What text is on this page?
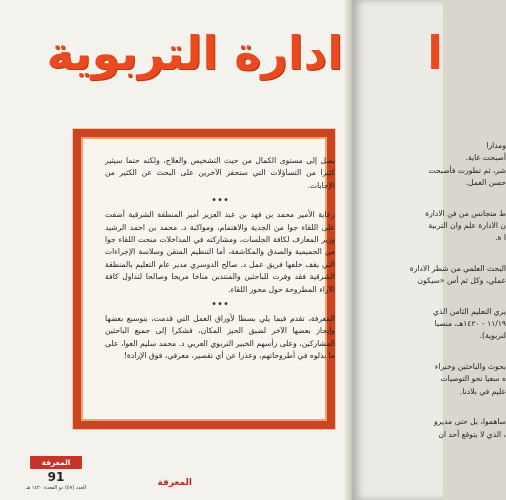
ادارة التربوية

يصل إلى مستوى الكمال من حيث التشخيص والعلاج، ولكنه حتما سيثير كثيرا من التساؤلات التي ستحفز الآخرين على البحث عن الكثير من الإجابات.

•••

رعاية الأمير محمد بن فهد بن عبد العزيز أمير المنطقة الشرقية أضفت على اللقاء جوا من الجدية والاهتمام، ومواكبة د. محمد بن احمد الرشيد وزير المعارف لكافة الجلسات، ومشاركته في المداخلات منحت اللقاء جوا من الحميمية والصدق والمكاشفة، أما التنظيم المتقن وسلاسة الإجراءات التي يقف خلفها فريق عمل د. صالح الدوسري مدير عام التعليم بالمنطقة الشرقية فقد وفرت للباحثين والمنتدين مناخا مريحا وصالحا لتداول كافة الآراء المطروحة حول محور اللقاء.

•••

المعرفة، تقدم فيما يلي بسطا لأوراق العمل التي قدمت، بتوسيع بعضها وإيجاز بعضها الآخر لضيق الحيز المكان، فشكرا إلى جميع الباحثين المشاركين، وعلى رأسهم الخبير التربوي العربي د. محمد سليم العوا، على ما بذلوه في أطروحاتهم، وعذرا عن أي تقصير، معرفي، فوق الإرادة!

المعرفة
المعرفة
91
العدد (٥٩) ذو القعدة ١٤٢٠ هـ
ا

ومدارا

أصبحت غاية.

شر، ثم تطورت فأصبحت

حسن العمل.

ط متجانس من فن الادارة

ن الادارة علم وان التربية

ا ة.

البحث العلمي من شطر الادارة

عملي، وكل ثم أس «سيكون

يري التعليم الثامن الذي

١١/١٩ - ١٤٢٠هـ، منصبا

لتربوية).

بحوث والباحثين وخبراء

ه سعيا نحو التوصيات

عليم في بلادنا.

ساهموا، بل حتى مديرو

، الذي لا يتوقع أحد ان
